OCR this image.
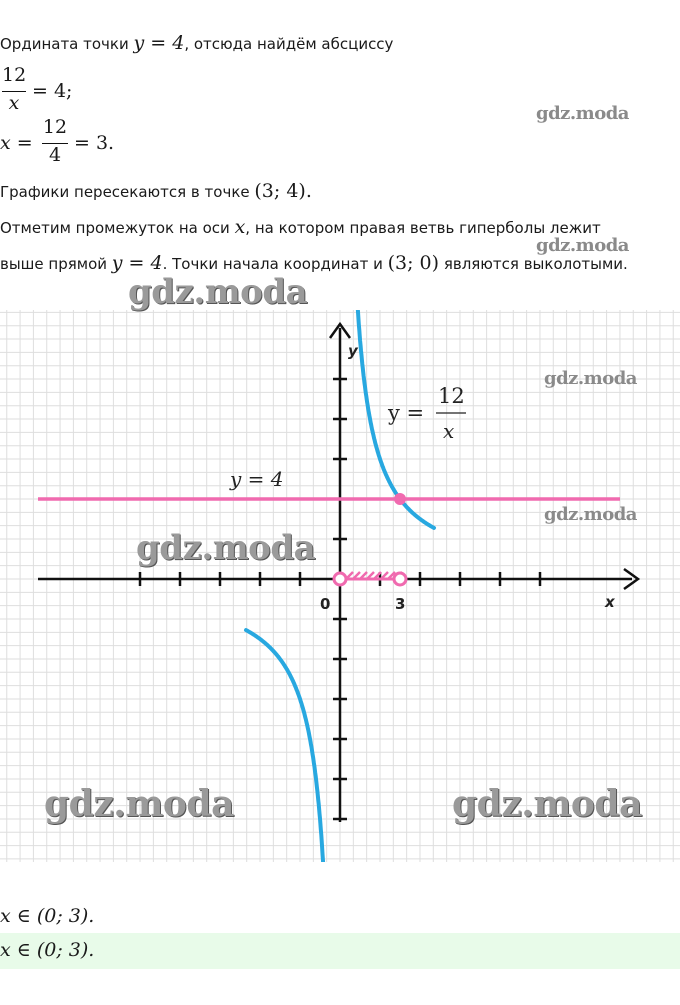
Ордината точки y = 4, отсюда найдём абсциссу
12
x
= 4;
x =
12
4
= 3.
Графики пересекаются в точке (3; 4).
Отметим промежуток на оси x, на котором правая ветвь гиперболы лежит
выше прямой y = 4. Точки начала координат и (3; 0) являются выколотыми.
y
x
0	3
y =
12
x
y = 4
gdz.moda
gdz.moda
gdz.moda
gdz.moda
gdz.moda
gdz.moda
gdz.moda	gdz.moda
x ∈ (0; 3).
x ∈ (0; 3).
